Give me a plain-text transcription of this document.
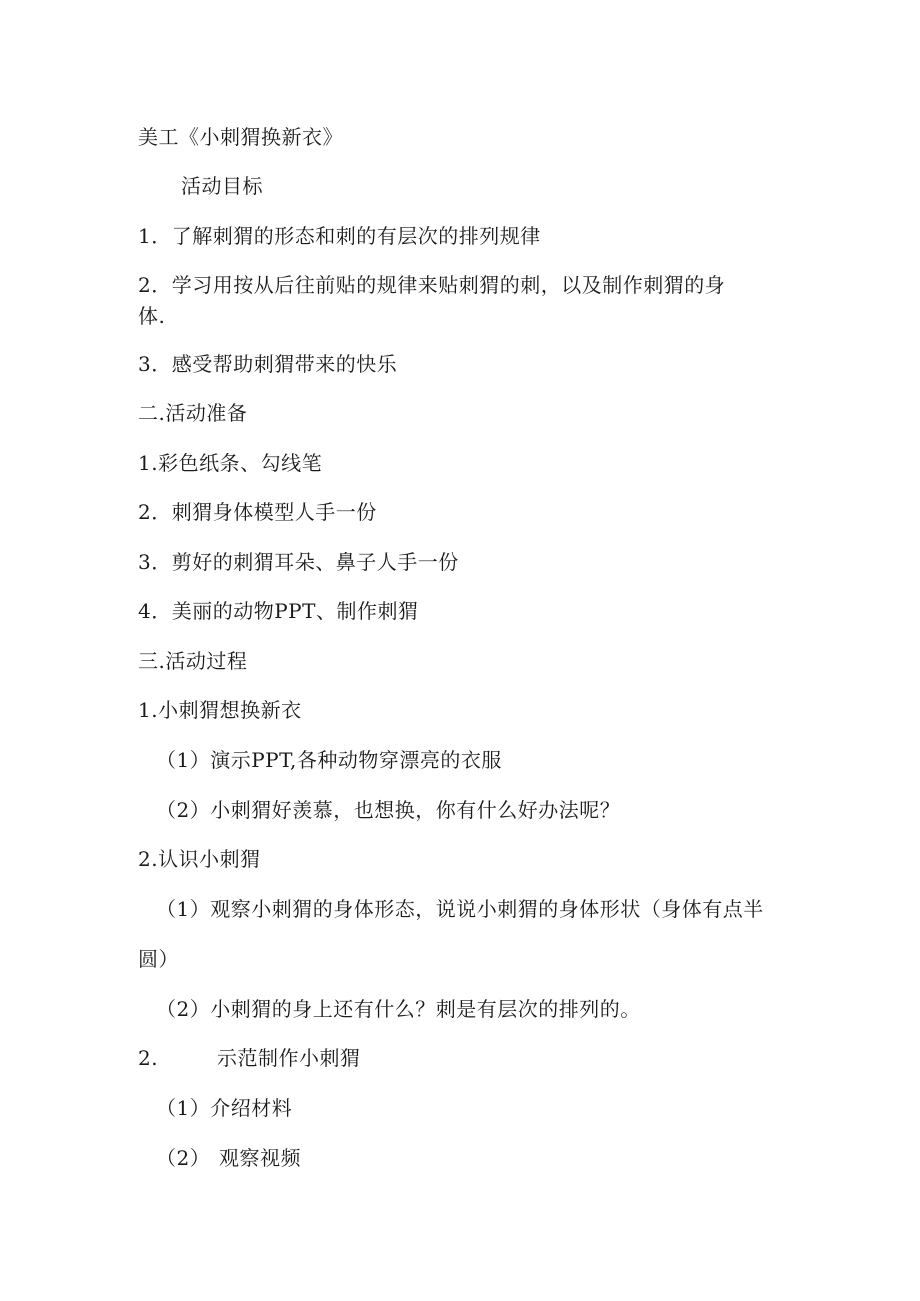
美工《小刺猬换新衣》
活动目标
1．了解刺猬的形态和刺的有层次的排列规律
2．学习用按从后往前贴的规律来贴刺猬的刺，以及制作刺猬的身
体.
3．感受帮助刺猬带来的快乐
二.活动准备
1.彩色纸条、勾线笔
2．刺猬身体模型人手一份
3．剪好的刺猬耳朵、鼻子人手一份
4．美丽的动物PPT、制作刺猬
三.活动过程
1.小刺猬想换新衣
（1）演示PPT,各种动物穿漂亮的衣服
（2）小刺猬好羡慕，也想换，你有什么好办法呢？
2.认识小刺猬
（1）观察小刺猬的身体形态，说说小刺猬的身体形状（身体有点半
圆）
（2）小刺猬的身上还有什么？刺是有层次的排列的。
2.	示范制作小刺猬
（1）介绍材料
（2） 观察视频
